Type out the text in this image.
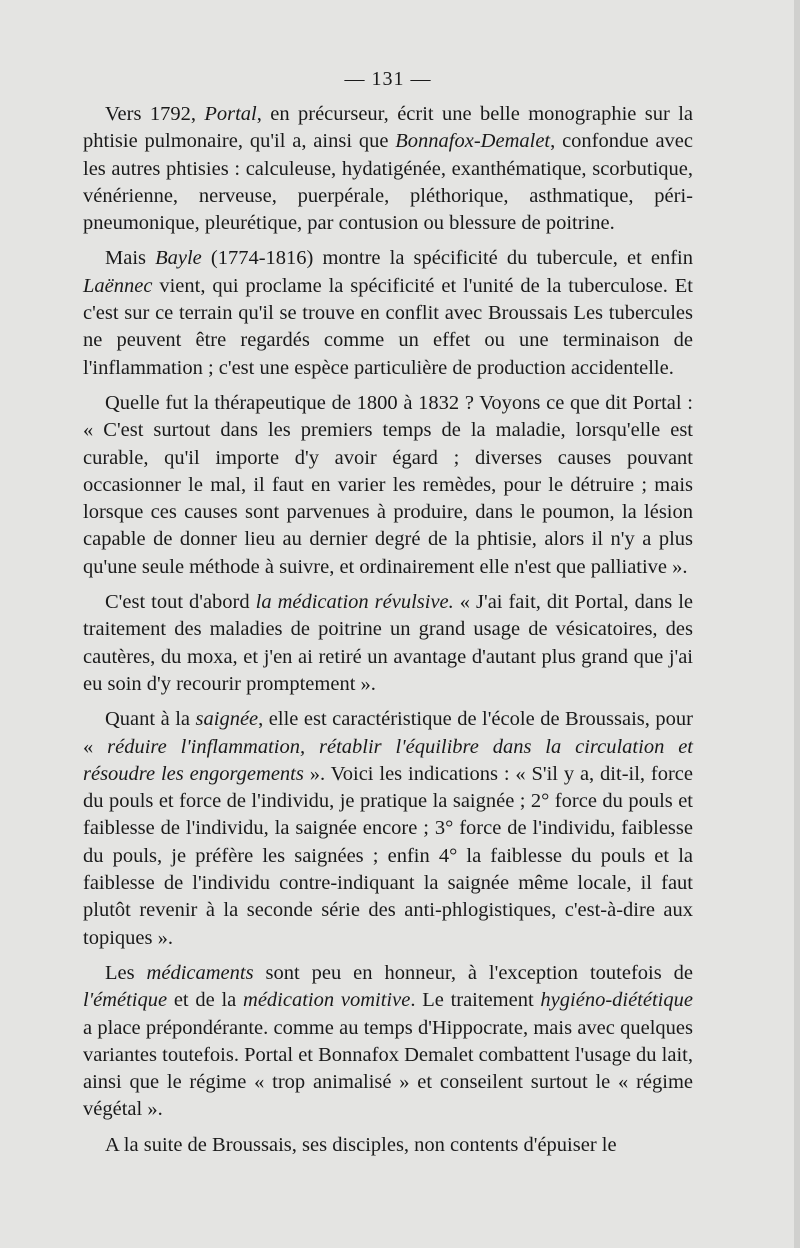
— 131 —

Vers 1792, Portal, en précurseur, écrit une belle monographie sur la phtisie pulmonaire, qu'il a, ainsi que Bonnafox-Demalet, confondue avec les autres phtisies : calculeuse, hydatigénée, exanthématique, scorbutique, vénérienne, nerveuse, puerpérale, pléthorique, asthmatique, péri-pneumonique, pleurétique, par contusion ou blessure de poitrine.

Mais Bayle (1774-1816) montre la spécificité du tubercule, et enfin Laënnec vient, qui proclame la spécificité et l'unité de la tuberculose. Et c'est sur ce terrain qu'il se trouve en conflit avec Broussais Les tubercules ne peuvent être regardés comme un effet ou une terminaison de l'inflammation ; c'est une espèce particulière de production accidentelle.

Quelle fut la thérapeutique de 1800 à 1832 ? Voyons ce que dit Portal : « C'est surtout dans les premiers temps de la maladie, lorsqu'elle est curable, qu'il importe d'y avoir égard ; diverses causes pouvant occasionner le mal, il faut en varier les remèdes, pour le détruire ; mais lorsque ces causes sont parvenues à produire, dans le poumon, la lésion capable de donner lieu au dernier degré de la phtisie, alors il n'y a plus qu'une seule méthode à suivre, et ordinairement elle n'est que palliative ».

C'est tout d'abord la médication révulsive. « J'ai fait, dit Portal, dans le traitement des maladies de poitrine un grand usage de vésicatoires, des cautères, du moxa, et j'en ai retiré un avantage d'autant plus grand que j'ai eu soin d'y recourir promptement ».

Quant à la saignée, elle est caractéristique de l'école de Broussais, pour « réduire l'inflammation, rétablir l'équilibre dans la circulation et résoudre les engorgements ». Voici les indications : « S'il y a, dit-il, force du pouls et force de l'individu, je pratique la saignée ; 2° force du pouls et faiblesse de l'individu, la saignée encore ; 3° force de l'individu, faiblesse du pouls, je préfère les saignées ; enfin 4° la faiblesse du pouls et la faiblesse de l'individu contre-indiquant la saignée même locale, il faut plutôt revenir à la seconde série des anti-phlogistiques, c'est-à-dire aux topiques ».

Les médicaments sont peu en honneur, à l'exception toutefois de l'émétique et de la médication vomitive. Le traitement hygiéno-diététique a place prépondérante. comme au temps d'Hippocrate, mais avec quelques variantes toutefois. Portal et Bonnafox Demalet combattent l'usage du lait, ainsi que le régime « trop animalisé » et conseilent surtout le « régime végétal ».

A la suite de Broussais, ses disciples, non contents d'épuiser le
